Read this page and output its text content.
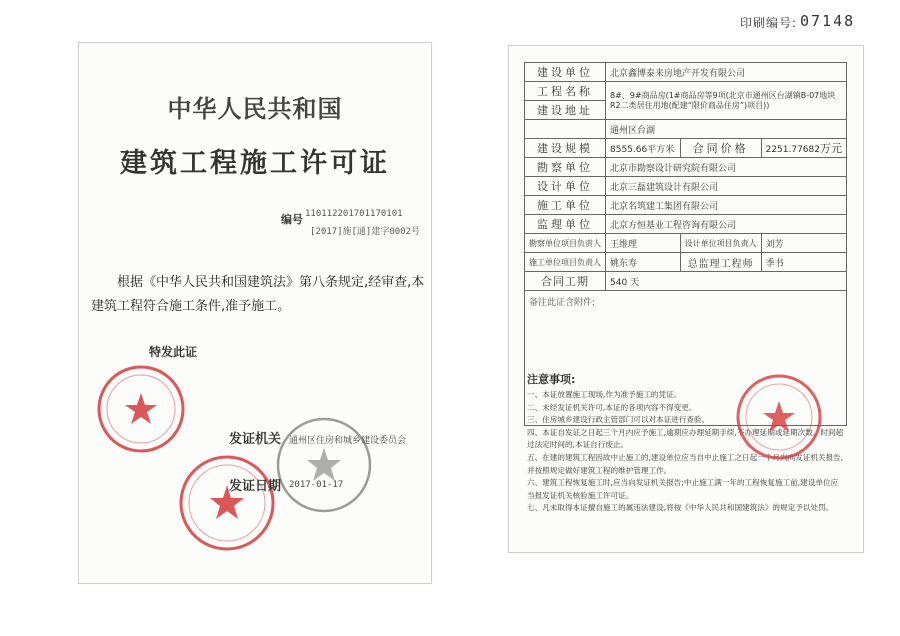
印刷编号: 07148
中华人民共和国
建筑工程施工许可证
编号 110112201701170101
[2017]施[通]建字0002号
根据《中华人民共和国建筑法》第八条规定,经审查,本建筑工程符合施工条件,准予施工。
特发此证
发证机关 通州区住房和城乡建设委员会
发证日期 2017-01-17
建设单位	北京鑫博泰来房地产开发有限公司		
工程名称	8#、9#商品房(1#商品房等9项(北京市通州区台湖镇B-07地块R2二类居住用地(配建“限价商品住房”)项目))		
建设地址			
	通州区台湖		
建设规模	8555.66平方米	合同价格	2251.77682万元
勘察单位	北京市勘察设计研究院有限公司		
设计单位	北京三磊建筑设计有限公司		
施工单位	北京名筑建工集团有限公司		
监理单位	北京方恒基业工程咨询有限公司		
勘察单位项目负责人	王维理	设计单位项目负责人	刘芳
施工单位项目负责人	姚东寿	总监理工程师	季书
合同工期	540 天		
备注此证含附件:			
注意事项:
一、本证放置施工现场,作为准予施工的凭证。
二、未经发证机关许可,本证的各项内容不得变更。
三、住房城乡建设行政主管部门可以对本证进行查验。
四、本证自发证之日起三个月内应予施工,逾期应办理延期手续,不办理延期或延期次数、时间超过法定时间的,本证自行废止。
五、在建的建筑工程因故中止施工的,建设单位应当自中止施工之日起一个月内向发证机关报告,并按照规定做好建筑工程的维护管理工作。
六、建筑工程恢复施工时,应当向发证机关报告;中止施工满一年的工程恢复施工前,建设单位应当报发证机关核验施工许可证。
七、凡未取得本证擅自施工的属违法建设,将按《中华人民共和国建筑法》的规定予以处罚。
